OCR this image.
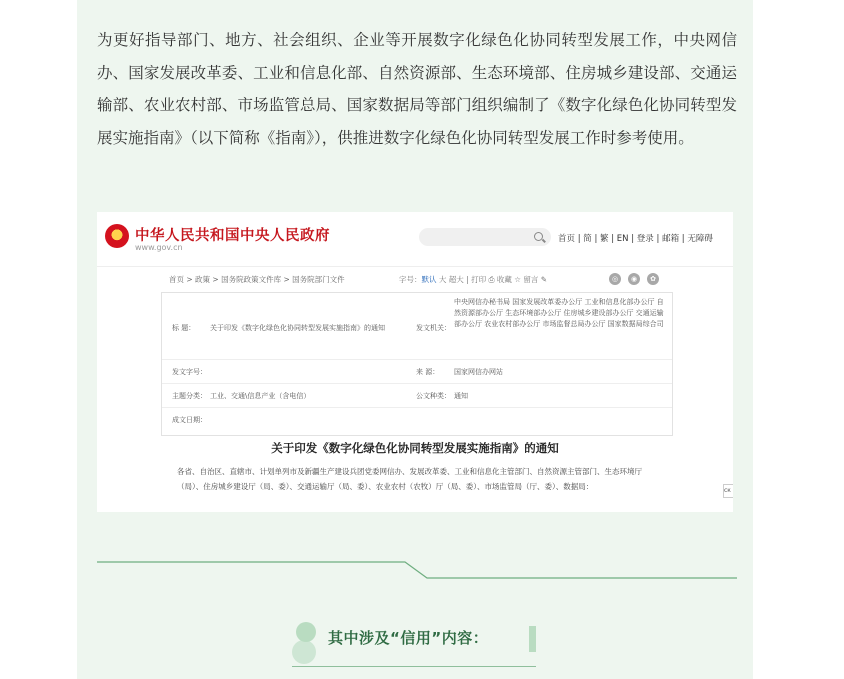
为更好指导部门、地方、社会组织、企业等开展数字化绿色化协同转型发展工作，中央网信办、国家发展改革委、工业和信息化部、自然资源部、生态环境部、住房城乡建设部、交通运输部、农业农村部、市场监管总局、国家数据局等部门组织编制了《数字化绿色化协同转型发展实施指南》（以下简称《指南》），供推进数字化绿色化协同转型发展工作时参考使用。

中华人民共和国中央人民政府
www.gov.cn
首页 | 简 | 繁 | EN | 登录 | 邮箱 | 无障碍
首页 > 政策 > 国务院政策文件库 > 国务院部门文件	字号：默认 大 超大 | 打印 ⎙ 收藏 ☆ 留言 ✎	◎	◉	✿
标 题： 关于印发《数字化绿色化协同转型发展实施指南》的通知	发文机关：
中央网信办秘书局 国家发展改革委办公厅 工业和信息化部办公厅 自然资源部办公厅 生态环境部办公厅 住房城乡建设部办公厅 交通运输部办公厅 农业农村部办公厅 市场监督总局办公厅 国家数据局综合司
发文字号：	来 源： 国家网信办网站
主题分类： 工业、交通\信息产业（含电信）	公文种类： 通知
成文日期：
关于印发《数字化绿色化协同转型发展实施指南》的通知
各省、自治区、直辖市、计划单列市及新疆生产建设兵团党委网信办、发展改革委、工业和信息化主管部门、自然资源主管部门、生态环境厅（局）、住房城乡建设厅（局、委）、交通运输厅（局、委）、农业农村（农牧）厅（局、委）、市场监管局（厅、委）、数据局：	ск
其中涉及“信用”内容：
